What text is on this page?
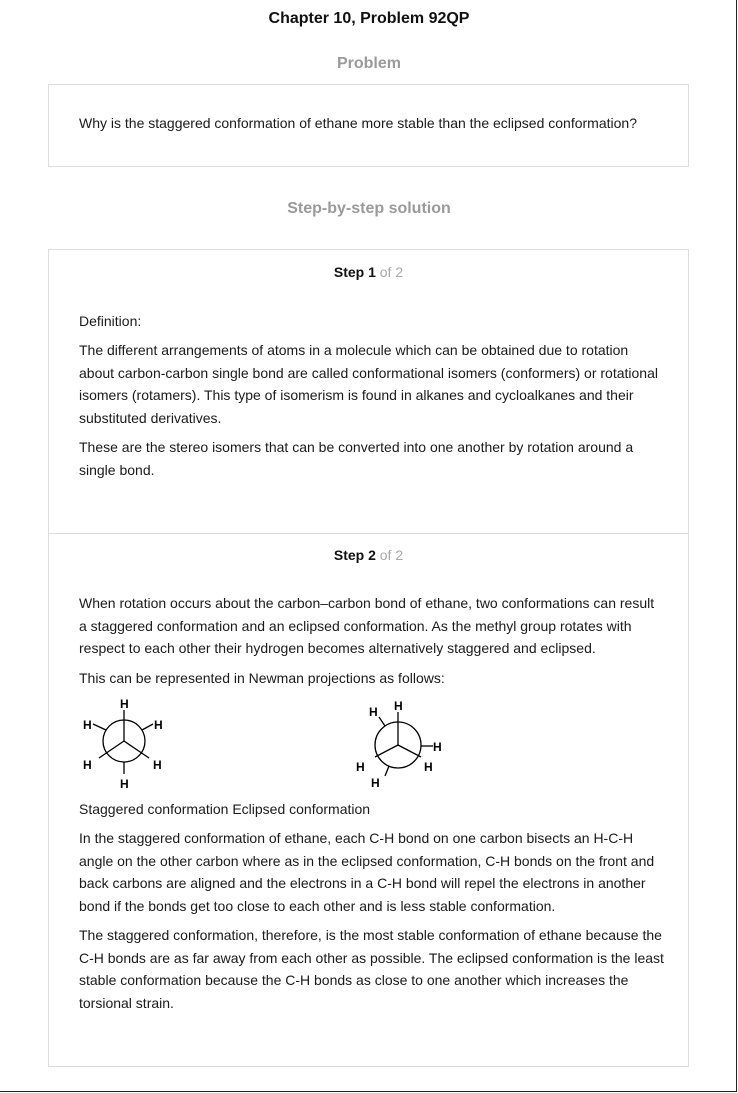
Chapter 10, Problem 92QP
Problem
Why is the staggered conformation of ethane more stable than the eclipsed conformation?
Step-by-step solution
Step 1 of 2

Definition:

The different arrangements of atoms in a molecule which can be obtained due to rotation about carbon-carbon single bond are called conformational isomers (conformers) or rotational isomers (rotamers). This type of isomerism is found in alkanes and cycloalkanes and their substituted derivatives.

These are the stereo isomers that can be converted into one another by rotation around a single bond.

Step 2 of 2

When rotation occurs about the carbon–carbon bond of ethane, two conformations can result a staggered conformation and an eclipsed conformation. As the methyl group rotates with respect to each other their hydrogen becomes alternatively staggered and eclipsed.

This can be represented in Newman projections as follows:

H
H	H
H	H
H
H
H
H
H
H
H

Staggered conformation Eclipsed conformation

In the staggered conformation of ethane, each C-H bond on one carbon bisects an H-C-H angle on the other carbon where as in the eclipsed conformation, C-H bonds on the front and back carbons are aligned and the electrons in a C-H bond will repel the electrons in another bond if the bonds get too close to each other and is less stable conformation.

The staggered conformation, therefore, is the most stable conformation of ethane because the C-H bonds are as far away from each other as possible. The eclipsed conformation is the least stable conformation because the C-H bonds as close to one another which increases the torsional strain.
